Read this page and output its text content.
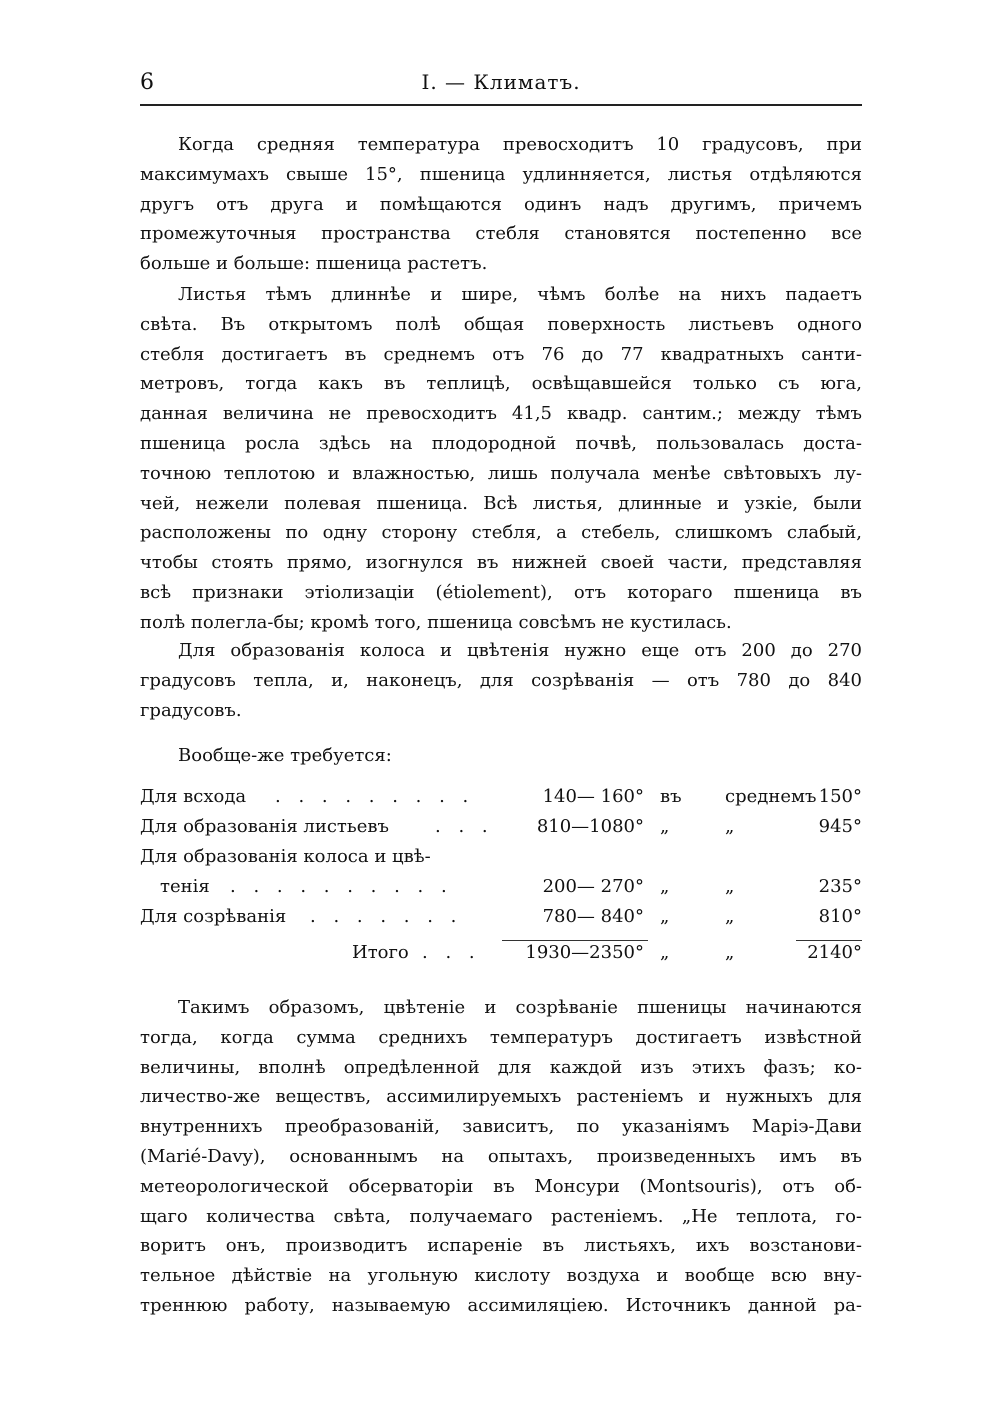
6	I. — Климатъ.

Когда средняя температура превосходитъ 10 градусовъ, при
максимумахъ свыше 15°, пшеница удлинняется, листья отдѣляются
другъ отъ друга и помѣщаются одинъ надъ другимъ, причемъ
промежуточныя пространства стебля становятся постепенно все
больше и больше: пшеница растетъ.

Листья тѣмъ длиннѣе и шире, чѣмъ болѣе на нихъ падаетъ
свѣта. Въ открытомъ полѣ общая поверхность листьевъ одного
стебля достигаетъ въ среднемъ отъ 76 до 77 квадратныхъ санти-
метровъ, тогда какъ въ теплицѣ, освѣщавшейся только съ юга,
данная величина не превосходитъ 41,5 квадр. сантим.; между тѣмъ
пшеница росла здѣсь на плодородной почвѣ, пользовалась доста-
точною теплотою и влажностью, лишь получала менѣе свѣтовыхъ лу-
чей, нежели полевая пшеница. Всѣ листья, длинные и узкіе, были
расположены по одну сторону стебля, а стебель, слишкомъ слабый,
чтобы стоять прямо, изогнулся въ нижней своей части, представляя
всѣ признаки этіолизаціи (étiolement), отъ котораго пшеница въ
полѣ полегла-бы; кромѣ того, пшеница совсѣмъ не кустилась.

Для образованія колоса и цвѣтенія нужно еще отъ 200 до 270
градусовъ тепла, и, наконецъ, для созрѣванія — отъ 780 до 840
градусовъ.

Вообще-же требуется:
Для всхода . . . . . . . . .	140— 160° въ среднемъ 150°
Для образованія листьевъ	. . .	810—1080° „	„	945°
Для образованія колоса и цвѣ-
тенія . . . . . . . . . .	200— 270° „	„	235°
Для созрѣванія . . . . . . .	780— 840° „	„	810°
Итого . . .	1930—2350° „	„	2140°

Такимъ образомъ, цвѣтеніе и созрѣваніе пшеницы начинаются
тогда, когда сумма среднихъ температуръ достигаетъ извѣстной
величины, вполнѣ опредѣленной для каждой изъ этихъ фазъ; ко-
личество-же веществъ, ассимилируемыхъ растеніемъ и нужныхъ для
внутреннихъ преобразованій, зависитъ, по указаніямъ Маріэ-Дави
(Marié-Davy), основаннымъ на опытахъ, произведенныхъ имъ въ
метеорологической обсерваторіи въ Монсури (Montsouris), отъ об-
щаго количества свѣта, получаемаго растеніемъ. „Не теплота, го-
воритъ онъ, производитъ испареніе въ листьяхъ, ихъ возстанови-
тельное дѣйствіе на угольную кислоту воздуха и вообще всю вну-
треннюю работу, называемую ассимиляціею. Источникъ данной ра-
